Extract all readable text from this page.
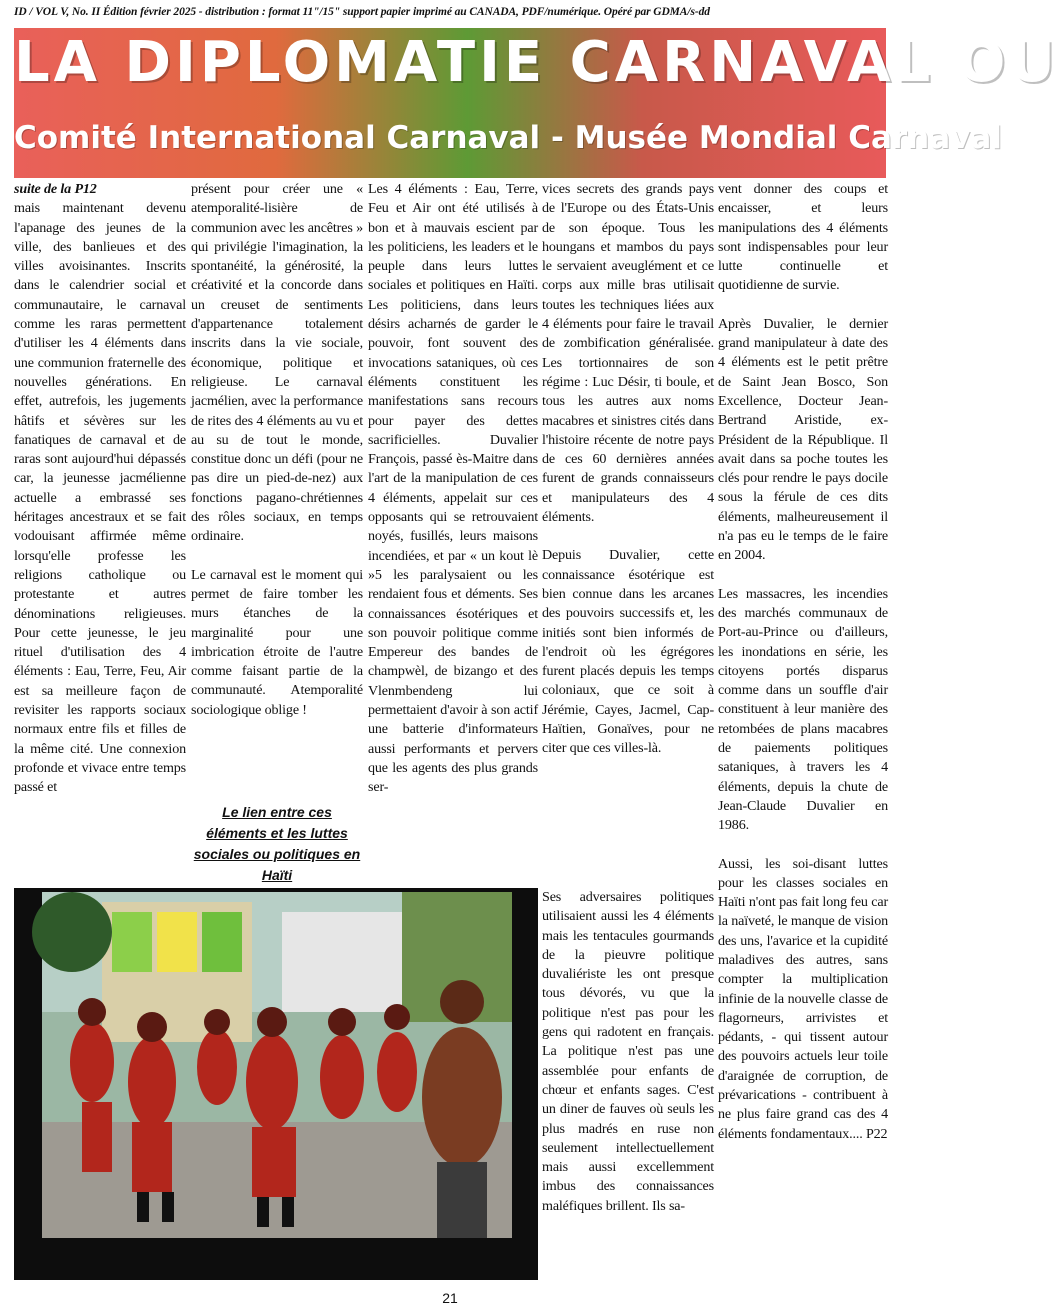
ID / VOL V, No. II Édition février 2025 - distribution : format 11"/15" support papier imprimé au CANADA, PDF/numérique. Opéré par GDMA/s-dd
LA DIPLOMATIE CARNAVAL OU
Comité International Carnaval - Musée Mondial Carnaval

suite de la P12

mais maintenant devenu l'apanage des jeunes de la ville, des banlieues et des villes avoisinantes. Inscrits dans le calendrier social et communautaire, le carnaval comme les raras permettent d'utiliser les 4 éléments dans une communion fraternelle des nouvelles générations. En effet, autrefois, les jugements hâtifs et sévères sur les fanatiques de carnaval et de raras sont aujourd'hui dépassés car, la jeunesse jacmélienne actuelle a embrassé ses héritages ancestraux et se fait vodouisant affirmée même lorsqu'elle professe les religions catholique ou protestante et autres dénominations religieuses. Pour cette jeunesse, le jeu rituel d'utilisation des 4 éléments : Eau, Terre, Feu, Air est sa meilleure façon de revisiter les rapports sociaux normaux entre fils et filles de la même cité. Une connexion profonde et vivace entre temps passé et

présent pour créer une « atemporalité-lisière de communion avec les ancêtres » qui privilégie l'imagination, la spontanéité, la générosité, la créativité et la concorde dans un creuset de sentiments d'appartenance totalement inscrits dans la vie sociale, économique, politique et religieuse. Le carnaval jacmélien, avec la performance de rites des 4 éléments au vu et au su de tout le monde, constitue donc un défi (pour ne pas dire un pied-de-nez) aux fonctions pagano-chrétiennes des rôles sociaux, en temps ordinaire.

Le carnaval est le moment qui permet de faire tomber les murs étanches de la marginalité pour une imbrication étroite de l'autre comme faisant partie de la communauté. Atemporalité sociologique oblige !

Le lien entre ces éléments et les luttes sociales ou politiques en Haïti

Les 4 éléments : Eau, Terre, Feu et Air ont été utilisés à bon et à mauvais escient par les politiciens, les leaders et le peuple dans leurs luttes sociales et politiques en Haïti. Les politiciens, dans leurs désirs acharnés de garder le pouvoir, font souvent des invocations sataniques, où ces éléments constituent les manifestations sans recours pour payer des dettes sacrificielles. Duvalier François, passé ès-Maitre dans l'art de la manipulation de ces 4 éléments, appelait sur ces opposants qui se retrouvaient noyés, fusillés, leurs maisons incendiées, et par « un kout lè »5 les paralysaient ou les rendaient fous et déments. Ses connaissances ésotériques et son pouvoir politique comme Empereur des bandes de champwèl, de bizango et des Vlenmbendeng lui permettaient d'avoir à son actif une batterie d'informateurs aussi performants et pervers que les agents des plus grands ser-

vices secrets des grands pays de l'Europe ou des États-Unis de son époque. Tous les houngans et mambos du pays le servaient aveuglément et ce corps aux mille bras utilisait toutes les techniques liées aux 4 éléments pour faire le travail de zombification généralisée. Les tortionnaires de son régime : Luc Désir, ti boule, et tous les autres aux noms macabres et sinistres cités dans l'histoire récente de notre pays de ces 60 dernières années furent de grands connaisseurs et manipulateurs des 4 éléments.

Depuis Duvalier, cette connaissance ésotérique est bien connue dans les arcanes des pouvoirs successifs et, les initiés sont bien informés de l'endroit où les égrégores furent placés depuis les temps coloniaux, que ce soit à Jérémie, Cayes, Jacmel, Cap-Haïtien, Gonaïves, pour ne citer que ces villes-là.

Ses adversaires politiques utilisaient aussi les 4 éléments mais les tentacules gourmands de la pieuvre politique duvaliériste les ont presque tous dévorés, vu que la politique n'est pas pour les gens qui radotent en français. La politique n'est pas une assemblée pour enfants de chœur et enfants sages. C'est un diner de fauves où seuls les plus madrés en ruse non seulement intellectuellement mais aussi excellemment imbus des connaissances maléfiques brillent. Ils sa-

vent donner des coups et encaisser, et leurs manipulations des 4 éléments sont indispensables pour leur lutte continuelle et quotidienne de survie.

Après Duvalier, le dernier grand manipulateur à date des 4 éléments est le petit prêtre de Saint Jean Bosco, Son Excellence, Docteur Jean-Bertrand Aristide, ex-Président de la République. Il avait dans sa poche toutes les clés pour rendre le pays docile sous la férule de ces dits éléments, malheureusement il n'a pas eu le temps de le faire en 2004.

Les massacres, les incendies des marchés communaux de Port-au-Prince ou d'ailleurs, les inondations en série, les citoyens portés disparus comme dans un souffle d'air constituent à leur manière des retombées de plans macabres de paiements politiques sataniques, à travers les 4 éléments, depuis la chute de Jean-Claude Duvalier en 1986.

Aussi, les soi-disant luttes pour les classes sociales en Haïti n'ont pas fait long feu car la naïveté, le manque de vision des uns, l'avarice et la cupidité maladives des autres, sans compter la multiplication infinie de la nouvelle classe de flagorneurs, arrivistes et pédants, - qui tissent autour des pouvoirs actuels leur toile d'araignée de corruption, de prévarications - contribuent à ne plus faire grand cas des 4 éléments fondamentaux.... P22

21
